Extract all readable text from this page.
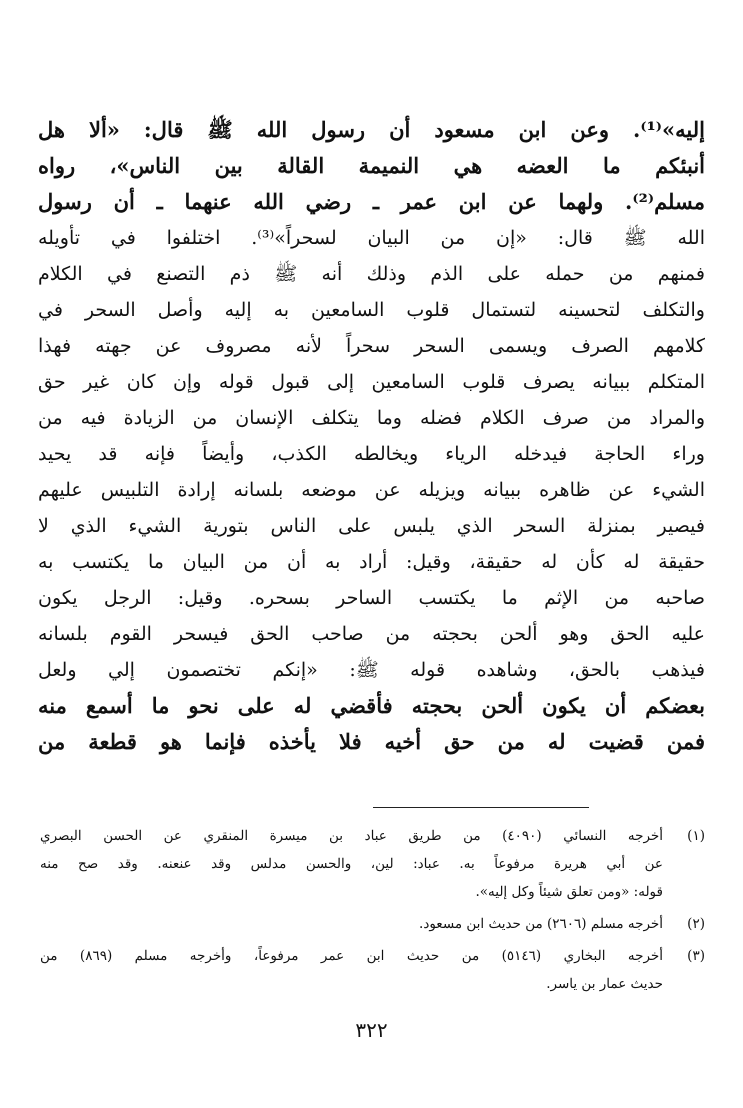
إليه»⁽¹⁾. وعن ابن مسعود أن رسول الله ﷺ قال: «ألا هل
أنبئكم ما العضه هي النميمة القالة بين الناس»، رواه
مسلم⁽²⁾. ولهما عن ابن عمر ـ رضي الله عنهما ـ أن رسول
الله ﷺ قال: «إن من البيان لسحراً»⁽³⁾. اختلفوا في تأويله
فمنهم من حمله على الذم وذلك أنه ﷺ ذم التصنع في الكلام
والتكلف لتحسينه لتستمال قلوب السامعين به إليه وأصل السحر في
كلامهم الصرف ويسمى السحر سحراً لأنه مصروف عن جهته فهذا
المتكلم ببيانه يصرف قلوب السامعين إلى قبول قوله وإن كان غير حق
والمراد من صرف الكلام فضله وما يتكلف الإنسان من الزيادة فيه من
وراء الحاجة فيدخله الرياء ويخالطه الكذب، وأيضاً فإنه قد يحيد
الشيء عن ظاهره ببيانه ويزيله عن موضعه بلسانه إرادة التلبيس عليهم
فيصير بمنزلة السحر الذي يلبس على الناس بتورية الشيء الذي لا
حقيقة له كأن له حقيقة، وقيل: أراد به أن من البيان ما يكتسب به
صاحبه من الإثم ما يكتسب الساحر بسحره. وقيل: الرجل يكون
عليه الحق وهو ألحن بحجته من صاحب الحق فيسحر القوم بلسانه
فيذهب بالحق، وشاهده قوله ﷺ: «إنكم تختصمون إلي ولعل
بعضكم أن يكون ألحن بحجته فأقضي له على نحو ما أسمع منه
فمن قضيت له من حق أخيه فلا يأخذه فإنما هو قطعة من
(١)
أخرجه النسائي (٤٠٩٠) من طريق عباد بن ميسرة المنقري عن الحسن البصري
عن أبي هريرة مرفوعاً به. عباد: لين، والحسن مدلس وقد عنعنه. وقد صح منه
قوله: «ومن تعلق شيئاً وكل إليه».
(٢)
أخرجه مسلم (٢٦٠٦) من حديث ابن مسعود.
(٣)
أخرجه البخاري (٥١٤٦) من حديث ابن عمر مرفوعاً، وأخرجه مسلم (٨٦٩) من
حديث عمار بن ياسر.
٣٢٢
